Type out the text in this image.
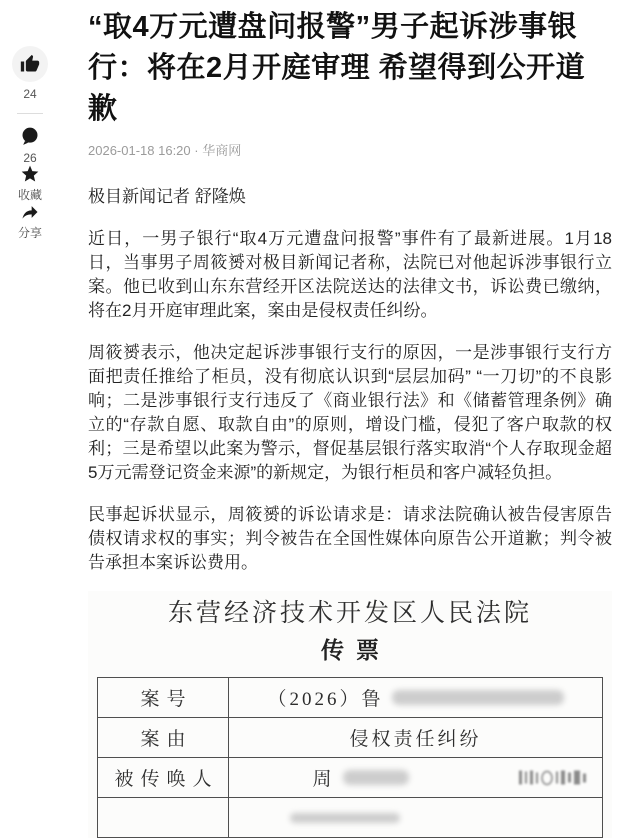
24
26
收藏
分享
“取4万元遭盘问报警”男子起诉涉事银行：将在2月开庭审理 希望得到公开道歉
2026-01-18 16:20 · 华商网

极目新闻记者 舒隆焕

近日，一男子银行“取4万元遭盘问报警”事件有了最新进展。1月18日，当事男子周筱赟对极目新闻记者称，法院已对他起诉涉事银行立案。他已收到山东东营经开区法院送达的法律文书，诉讼费已缴纳，将在2月开庭审理此案，案由是侵权责任纠纷。

周筱赟表示，他决定起诉涉事银行支行的原因，一是涉事银行支行方面把责任推给了柜员，没有彻底认识到“层层加码” “一刀切”的不良影响；二是涉事银行支行违反了《商业银行法》和《储蓄管理条例》确立的“存款自愿、取款自由”的原则，增设门槛，侵犯了客户取款的权利；三是希望以此案为警示，督促基层银行落实取消“个人存取现金超5万元需登记资金来源”的新规定，为银行柜员和客户减轻负担。

民事起诉状显示，周筱赟的诉讼请求是：请求法院确认被告侵害原告债权请求权的事实；判令被告在全国性媒体向原告公开道歉；判令被告承担本案诉讼费用。

东营经济技术开发区人民法院
传票
案号	（2026）鲁

案由	侵权责任纠纷
被传唤人	周
